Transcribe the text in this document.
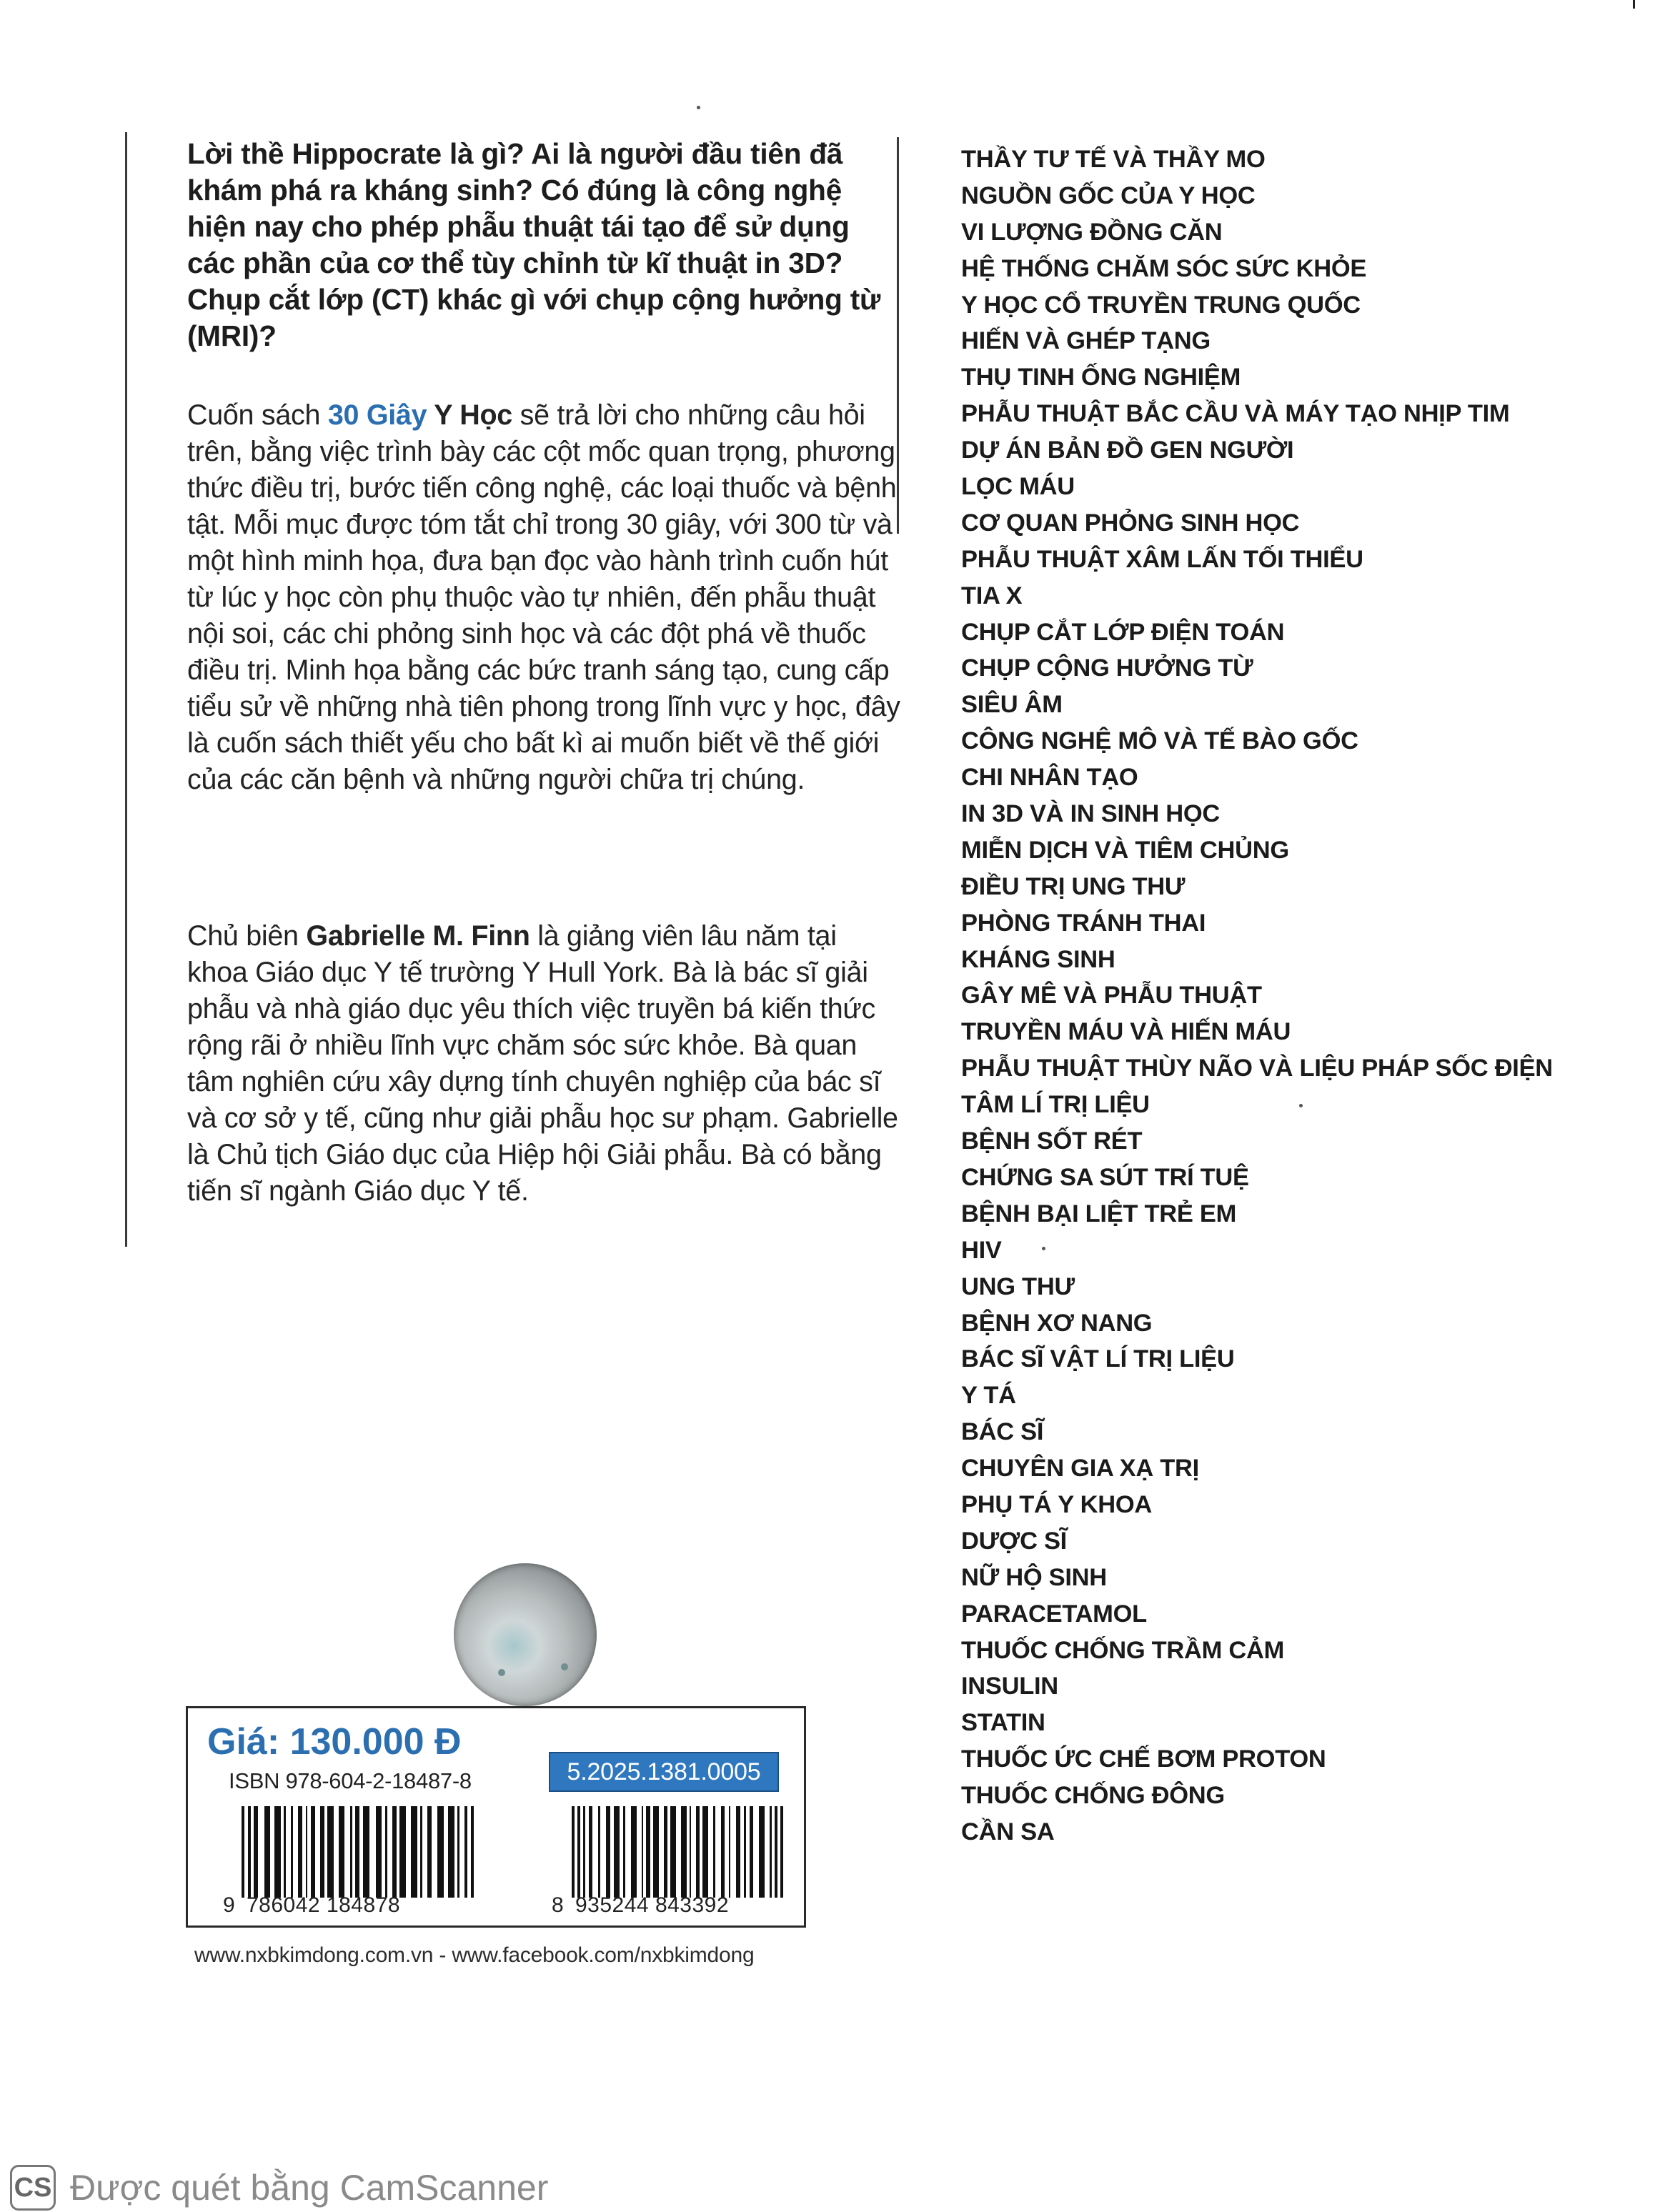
Lời thề Hippocrate là gì? Ai là người đầu tiên đã khám phá ra kháng sinh? Có đúng là công nghệ hiện nay cho phép phẫu thuật tái tạo để sử dụng các phần của cơ thể tùy chỉnh từ kĩ thuật in 3D? Chụp cắt lớp (CT) khác gì với chụp cộng hưởng từ (MRI)?

Cuốn sách 30 Giây Y Học sẽ trả lời cho những câu hỏi trên, bằng việc trình bày các cột mốc quan trọng, phương thức điều trị, bước tiến công nghệ, các loại thuốc và bệnh tật. Mỗi mục được tóm tắt chỉ trong 30 giây, với 300 từ và một hình minh họa, đưa bạn đọc vào hành trình cuốn hút từ lúc y học còn phụ thuộc vào tự nhiên, đến phẫu thuật nội soi, các chi phỏng sinh học và các đột phá về thuốc điều trị. Minh họa bằng các bức tranh sáng tạo, cung cấp tiểu sử về những nhà tiên phong trong lĩnh vực y học, đây là cuốn sách thiết yếu cho bất kì ai muốn biết về thế giới của các căn bệnh và những người chữa trị chúng.

Chủ biên Gabrielle M. Finn là giảng viên lâu năm tại khoa Giáo dục Y tế trường Y Hull York. Bà là bác sĩ giải phẫu và nhà giáo dục yêu thích việc truyền bá kiến thức rộng rãi ở nhiều lĩnh vực chăm sóc sức khỏe. Bà quan tâm nghiên cứu xây dựng tính chuyên nghiệp của bác sĩ và cơ sở y tế, cũng như giải phẫu học sư phạm. Gabrielle là Chủ tịch Giáo dục của Hiệp hội Giải phẫu. Bà có bằng tiến sĩ ngành Giáo dục Y tế.

THẦY TƯ TẾ VÀ THẦY MO
NGUỒN GỐC CỦA Y HỌC
VI LƯỢNG ĐỒNG CĂN
HỆ THỐNG CHĂM SÓC SỨC KHỎE
Y HỌC CỔ TRUYỀN TRUNG QUỐC
HIẾN VÀ GHÉP TẠNG
THỤ TINH ỐNG NGHIỆM
PHẪU THUẬT BẮC CẦU VÀ MÁY TẠO NHỊP TIM
DỰ ÁN BẢN ĐỒ GEN NGƯỜI
LỌC MÁU
CƠ QUAN PHỎNG SINH HỌC
PHẪU THUẬT XÂM LẤN TỐI THIỂU
TIA X
CHỤP CẮT LỚP ĐIỆN TOÁN
CHỤP CỘNG HƯỞNG TỪ
SIÊU ÂM
CÔNG NGHỆ MÔ VÀ TẾ BÀO GỐC
CHI NHÂN TẠO
IN 3D VÀ IN SINH HỌC
MIỄN DỊCH VÀ TIÊM CHỦNG
ĐIỀU TRỊ UNG THƯ
PHÒNG TRÁNH THAI
KHÁNG SINH
GÂY MÊ VÀ PHẪU THUẬT
TRUYỀN MÁU VÀ HIẾN MÁU
PHẪU THUẬT THÙY NÃO VÀ LIỆU PHÁP SỐC ĐIỆN
TÂM LÍ TRỊ LIỆU
BỆNH SỐT RÉT
CHỨNG SA SÚT TRÍ TUỆ
BỆNH BẠI LIỆT TRẺ EM
HIV
UNG THƯ
BỆNH XƠ NANG
BÁC SĨ VẬT LÍ TRỊ LIỆU
Y TÁ
BÁC SĨ
CHUYÊN GIA XẠ TRỊ
PHỤ TÁ Y KHOA
DƯỢC SĨ
NỮ HỘ SINH
PARACETAMOL
THUỐC CHỐNG TRẦM CẢM
INSULIN
STATIN
THUỐC ỨC CHẾ BƠM PROTON
THUỐC CHỐNG ĐÔNG
CẦN SA
Giá: 130.000 Đ
ISBN 978-604-2-18487-8	5.2025.1381.0005
9 786042 184878	8 935244 843392
www.nxbkimdong.com.vn - www.facebook.com/nxbkimdong
CS Được quét bằng CamScanner
